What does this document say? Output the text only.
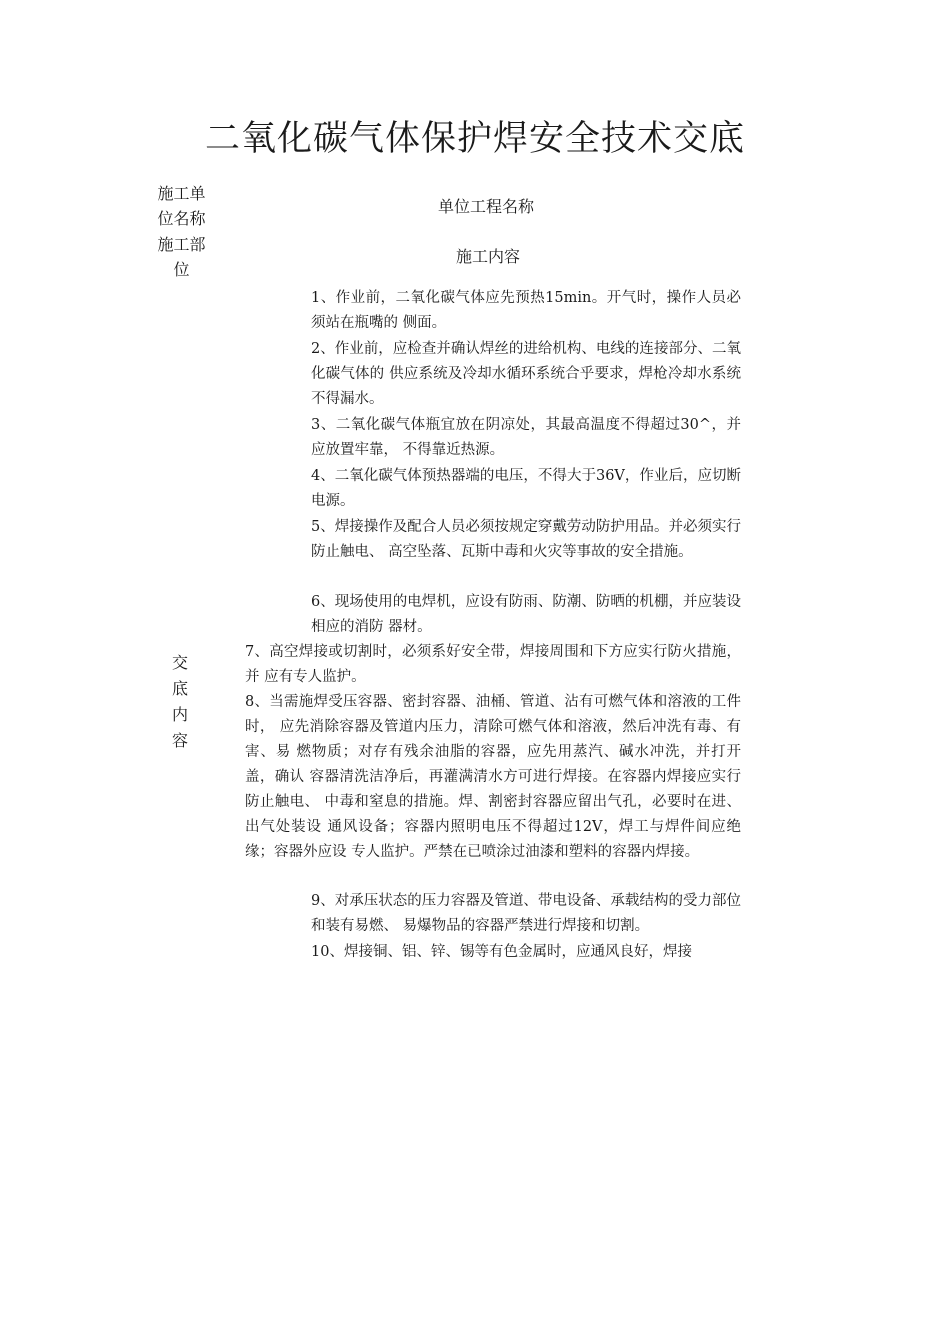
二氧化碳气体保护焊安全技术交底
施工单位名称
施工部位
单位工程名称
施工内容
交底内容

1、作业前，二氧化碳气体应先预热15min。开气时，操作人员必须站在瓶嘴的 侧面。

2、作业前，应检查并确认焊丝的进给机构、电线的连接部分、二氧化碳气体的 供应系统及冷却水循环系统合乎要求，焊枪冷却水系统不得漏水。

3、二氧化碳气体瓶宜放在阴凉处，其最高温度不得超过30^，并应放置牢靠， 不得靠近热源。

4、二氧化碳气体预热器端的电压，不得大于36V，作业后，应切断电源。

5、焊接操作及配合人员必须按规定穿戴劳动防护用品。并必须实行防止触电、 高空坠落、瓦斯中毒和火灾等事故的安全措施。

6、现场使用的电焊机，应设有防雨、防潮、防晒的机棚，并应装设相应的消防 器材。

7、高空焊接或切割时，必须系好安全带，焊接周围和下方应实行防火措施，并 应有专人监护。

8、当需施焊受压容器、密封容器、油桶、管道、沾有可燃气体和溶液的工件时， 应先消除容器及管道内压力，清除可燃气体和溶液，然后冲洗有毒、有害、易 燃物质；对存有残余油脂的容器，应先用蒸汽、碱水冲洗，并打开盖，确认 容器清洗洁净后，再灌满清水方可进行焊接。在容器内焊接应实行防止触电、 中毒和窒息的措施。焊、割密封容器应留出气孔，必要时在进、出气处装设 通风设备；容器内照明电压不得超过12V，焊工与焊件间应绝缘；容器外应设 专人监护。严禁在已喷涂过油漆和塑料的容器内焊接。

9、对承压状态的压力容器及管道、带电设备、承载结构的受力部位和装有易燃、 易爆物品的容器严禁进行焊接和切割。

10、焊接铜、铝、锌、锡等有色金属时，应通风良好，焊接
